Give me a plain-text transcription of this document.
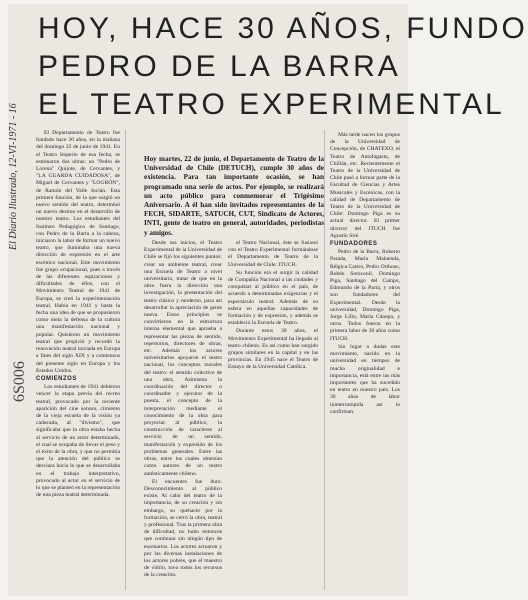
El Diario Ilustrado, 12-VI-1971 - 16
6S006
HOY, HACE 30 AÑOS, FUNDO
PEDRO DE LA BARRA
EL TEATRO EXPERIMENTAL
Hoy martes, 22 de junio, el Departamento de Teatro de la Universidad de Chile (DETUCH), cumple 30 años de existencia. Para tan importante ocasión, se han programado una serie de actos. Por ejemplo, se realizará un acto público para conmemorar el Trigésimo Aniversario. A él han sido invitados representantes de la FECH, SIDARTE, SATUCH, CUT, Sindicato de Actores, INTI, gente de teatro en general, autoridades, periodistas y amigos.

El Departamento de Teatro fue fundado hace 30 años, en la mañana del domingo 22 de junio de 1941. En el Teatro Imperio de esa fecha, se estrenaron dos obras: un "Pedro de Lorena" Quijote, de Cervantes, y "LA GUARDA CUIDADOSA", de Miguel de Cervantes y "LOGRÓN", de Ramón del Valle Inclán. Esta primera función, de la que surgió un nuevo sentido del teatro, determinó un nuevo destino en el desarrollo de nuestro teatro. Los estudiantes del Instituto Pedagógico de Santiago, con Pedro de la Barra a la cabeza, iniciaron la labor de formar un nuevo teatro, que iluminaba una nueva dirección de expresión en el arte escénico nacional. Este movimiento fue grupo ocupacional, pues a través de las diferentes aspiraciones y dificultades de ellos, con el Movimiento Teatral de 1941 de Europa, se creó la experimentación teatral. Había en 1941 y hasta la fecha una idea de que se propusieron como meta la defensa de la cultura una manifestación nacional y popular. Quisieron un movimiento teatral que propició y recordó la renovación teatral iniciada en Europa a fines del siglo XIX y a comienzos del presente siglo en Europa y los Estados Unidos.

COMIENZOS

Los estudiantes de 1941 debieron vencer la etapa previa del recreo teatral, provocado por la reciente aparición del cine sonoro, cimiento de la vieja escuela de la visión ya caducada, al "divismo", que significaba que la obra estaba hecha al servicio de un actor determinado, el cual se ocupaba de llevar el peso y el éxito de la obra, y que no permitía que la atención del público se desviara hacia lo que se desarrollaba en el trabajo interpretativo, provocado al actor en el servicio de lo que se planteó en la representación de una pieza teatral determinada.

Desde sus inicios, el Teatro Experimental de la Universidad de Chile se fijó los siguientes puntos: crear un ambiente teatral, crear una Escuela de Teatro a nivel universitario, tratar de que en la obra fuera la dirección una investigación, la presentación del teatro clásico y moderno, para así desarrollar la apreciación de gente nueva. Estos principios se convirtieron en la estructura interna elemental que aprueba a representar las piezas de sentido, repertorios, directores de obras, etc. Además los actores universitarios apoyaron el teatro nacional, los conceptos morales del teatro: el sentido colectivo de una obra, Asimismo la coordinación del director o coordinador y ejecutor de la puesta, el concepto de la interpretación mediante el conocimiento de la obra para proyectar al público, la construcción de caracteres al servicio de un sentido, manifestación y expresión de los problemas generales. Entre las obras, entre los cuales obtenían como autores de un teatro auténticamente chileno.

El encuentro fue duro. Desconocimiento al público existe, Al cabo del teatro de la importancia, de su creación y sin embargo, su quehacer por la formación, se cerró la obra, teatral y profesional. Tras la primera obra de dificultad, no hubo entonces que continuar sin ningún tipo de escenarios. Los actores actuaron y por las diversas instalaciones de los actores pobres, que el maestro de vidrio, tuvo todos los recursos de la creación.

el Teatro Nacional, éste se fusionó con el Teatro Experimental formándose el Departamento de Teatro de la Universidad de Chile: ITUCH.

Su función era el surgir la calidad de Compañía Nacional a las ciudades y conquistar al público en el país, de acuerdo a determinadas exigencias y el espectáculo teatral. Además de su esfera en aquellas capacidades de formación y de expresión, y además se estableció la Escuela de Teatro.

Durante estos 30 años, el Movimiento Experimental ha llegado al teatro chileno. Es así como han surgido grupos similares en la capital y en las provincias. En 1945 nace el Teatro de Ensayo de la Universidad Católica.

Más tarde nacen los grupos de la Universidad de Concepción, de CHATEXO, el Teatro de Antofagasta, de Chillán, etc. Recientemente el Teatro de la Universidad de Chile pasó a formar parte de la Facultad de Ciencias y Artes Musicales y Escénicas, con la calidad de Departamento de Teatro de la Universidad de Chile: Domingo Piga es su actual director. El primer director del ITUCH fue Agustín Siré.

FUNDADORES

Pedro de la Barra, Roberto Parada, María Maluenda, Bélgica Castro, Pedro Orthous, Rubén Sotoconil, Domingo Piga, Santiago del Campo, Edmundo de la Parra, y otros son fundadores del Experimental. Desde la universidad, Domingo Piga, Jorge Lillo, María Cánepa, y otros. Todos fueron en la primera labor de 30 años como ITUCH.

Sin lugar a dudas este movimiento, nacido en la universidad en tiempos de mucha originalidad e importancia, está entre las más importantes que ha sucedido en teatro en nuestro país. Los 30 años de labor ininterrumpida así lo confirman.
